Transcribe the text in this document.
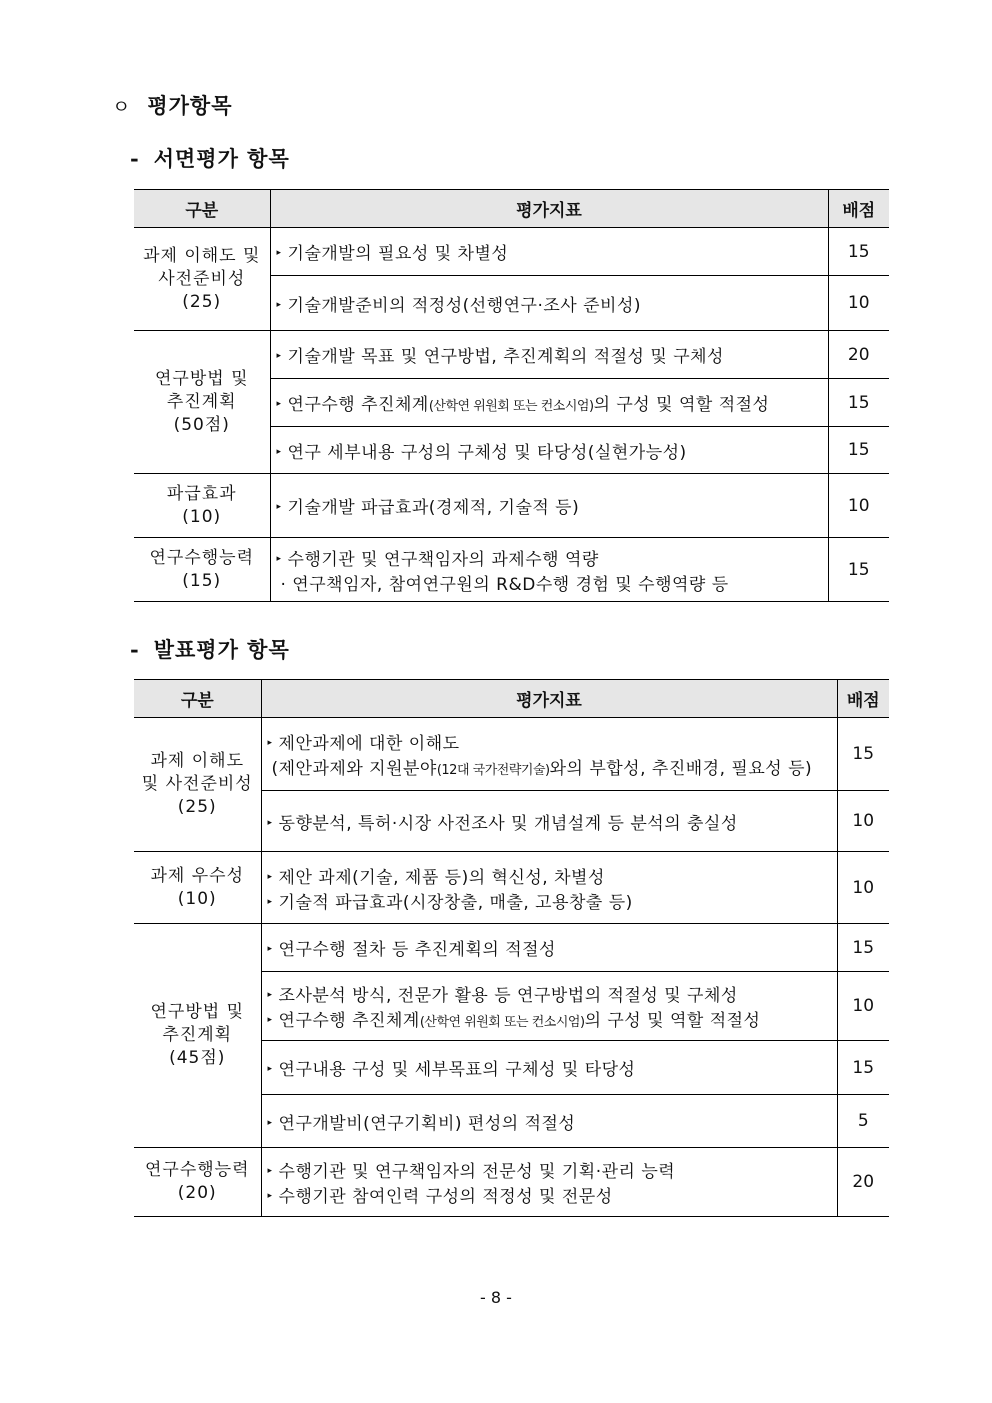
ㅇ 평가항목
- 서면평가 항목
구분	평가지표	배점

과제 이해도 및
사전준비성
(25)	▸ 기술개발의 필요성 및 차별성	15

	▸ 기술개발준비의 적정성(선행연구·조사 준비성)	10

연구방법 및
추진계획
(50점)	▸ 기술개발 목표 및 연구방법, 추진계획의 적절성 및 구체성	20

	▸ 연구수행 추진체계(산학연 위원회 또는 컨소시엄)의 구성 및 역할 적절성	15

	▸ 연구 세부내용 구성의 구체성 및 타당성(실현가능성)	15

파급효과
(10)	▸ 기술개발 파급효과(경제적, 기술적 등)	10

연구수행능력
(15)	▸ 수행기관 및 연구책임자의 과제수행 역량
· 연구책임자, 참여연구원의 R&D수행 경험 및 수행역량 등	15
- 발표평가 항목
구분	평가지표	배점

과제 이해도
및 사전준비성
(25)	▸ 제안과제에 대한 이해도
(제안과제와 지원분야(12대 국가전략기술)와의 부합성, 추진배경, 필요성 등)	15

	▸ 동향분석, 특허·시장 사전조사 및 개념설계 등 분석의 충실성	10

과제 우수성
(10)	▸ 제안 과제(기술, 제품 등)의 혁신성, 차별성
▸ 기술적 파급효과(시장창출, 매출, 고용창출 등)	10

연구방법 및
추진계획
(45점)	▸ 연구수행 절차 등 추진계획의 적절성	15

	▸ 조사분석 방식, 전문가 활용 등 연구방법의 적절성 및 구체성
▸ 연구수행 추진체계(산학연 위원회 또는 컨소시엄)의 구성 및 역할 적절성	10

	▸ 연구내용 구성 및 세부목표의 구체성 및 타당성	15

	▸ 연구개발비(연구기획비) 편성의 적절성	5

연구수행능력
(20)	▸ 수행기관 및 연구책임자의 전문성 및 기획·관리 능력
▸ 수행기관 참여인력 구성의 적정성 및 전문성	20
- 8 -
